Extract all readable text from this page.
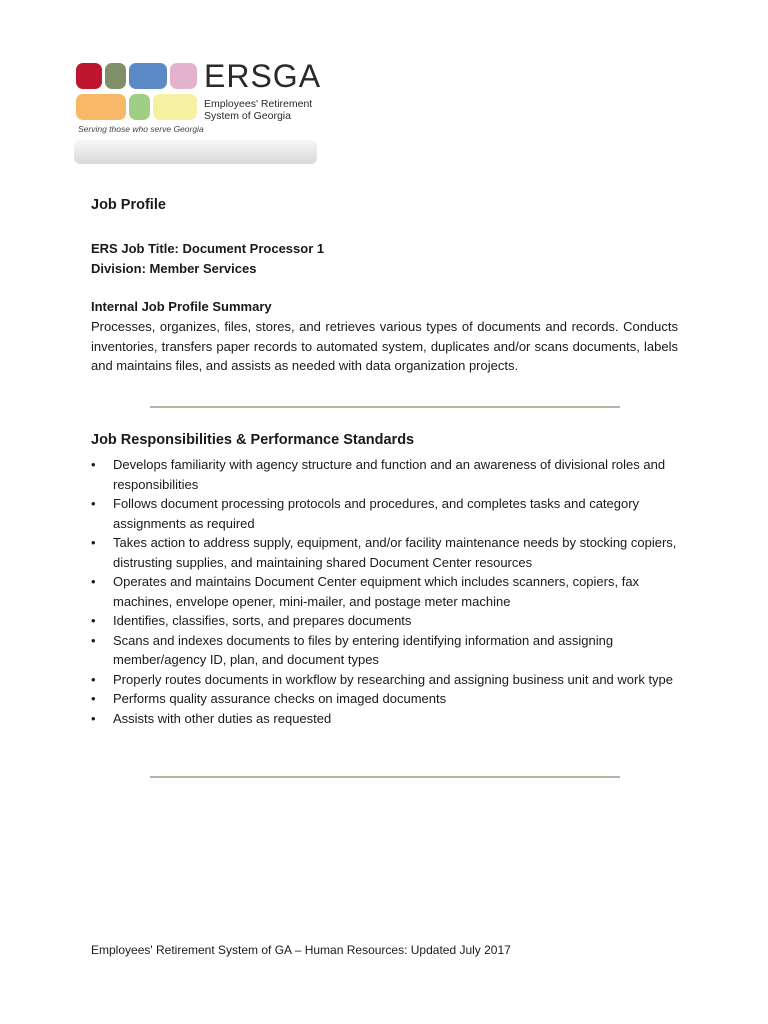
ERSGA
Employees' Retirement System of Georgia
Serving those who serve Georgia
Job Profile
ERS Job Title: Document Processor 1
Division: Member Services
Internal Job Profile Summary

Processes, organizes, files, stores, and retrieves various types of documents and records. Conducts inventories, transfers paper records to automated system, duplicates and/or scans documents, labels and maintains files, and assists as needed with data organization projects.

Job Responsibilities & Performance Standards
• Develops familiarity with agency structure and function and an awareness of divisional roles and responsibilities
• Follows document processing protocols and procedures, and completes tasks and category assignments as required
• Takes action to address supply, equipment, and/or facility maintenance needs by stocking copiers, distrusting supplies, and maintaining shared Document Center resources
• Operates and maintains Document Center equipment which includes scanners, copiers, fax machines, envelope opener, mini-mailer, and postage meter machine
• Identifies, classifies, sorts, and prepares documents
• Scans and indexes documents to files by entering identifying information and assigning member/agency ID, plan, and document types
• Properly routes documents in workflow by researching and assigning business unit and work type
• Performs quality assurance checks on imaged documents
• Assists with other duties as requested
Employees' Retirement System of GA – Human Resources: Updated July 2017
